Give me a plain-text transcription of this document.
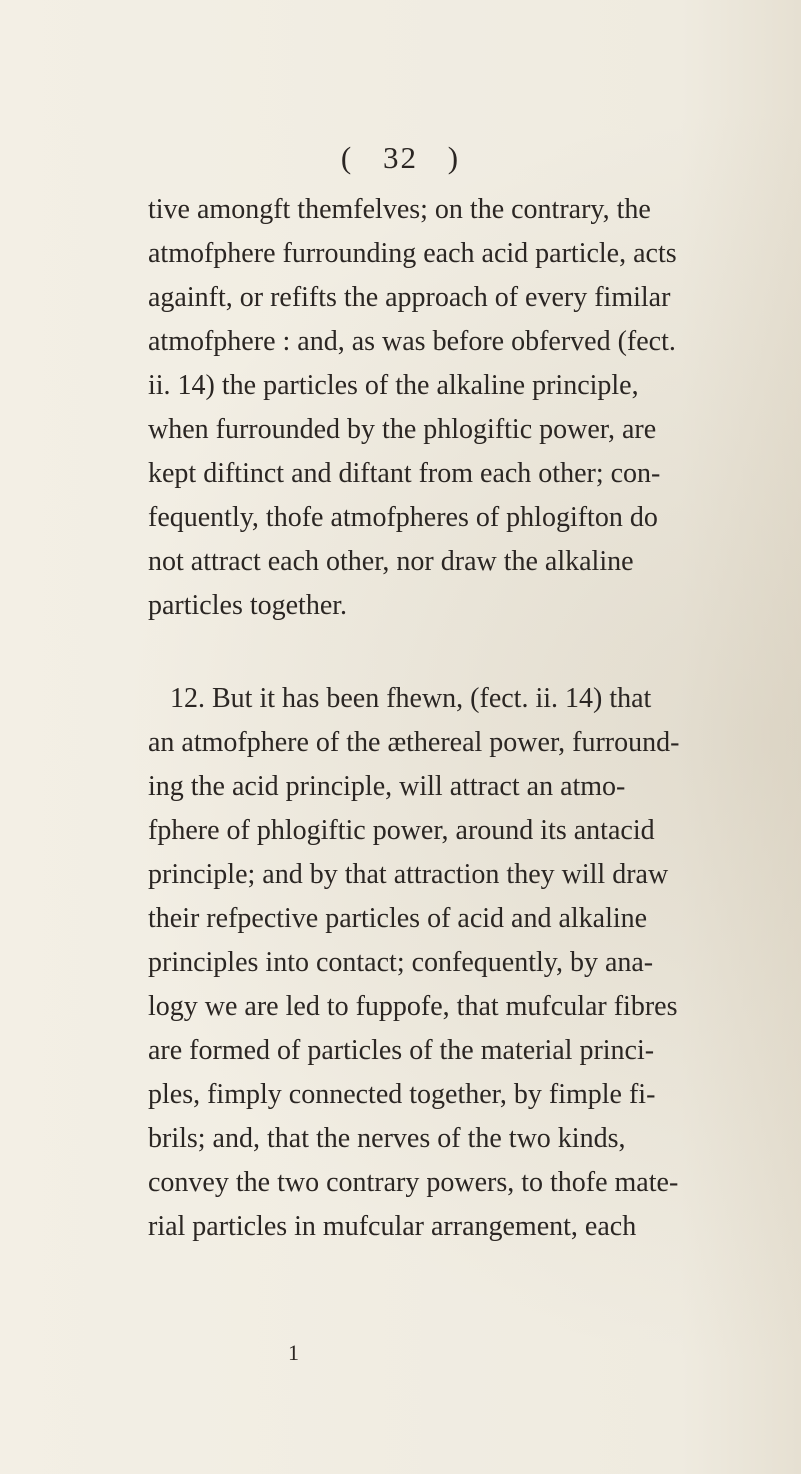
( 32 )
tive amongft themfelves; on the contrary, the
atmofphere furrounding each acid particle, acts
againft, or refifts the approach of every fimilar
atmofphere : and, as was before obferved (fect.
ii. 14) the particles of the alkaline principle,
when furrounded by the phlogiftic power, are
kept diftinct and diftant from each other; con-
fequently, thofe atmofpheres of phlogifton do
not attract each other, nor draw the alkaline
particles together.
12. But it has been fhewn, (fect. ii. 14) that
an atmofphere of the æthereal power, furround-
ing the acid principle, will attract an atmo-
fphere of phlogiftic power, around its antacid
principle; and by that attraction they will draw
their refpective particles of acid and alkaline
principles into contact; confequently, by ana-
logy we are led to fuppofe, that mufcular fibres
are formed of particles of the material princi-
ples, fimply connected together, by fimple fi-
brils; and, that the nerves of the two kinds,
convey the two contrary powers, to thofe mate-
rial particles in mufcular arrangement, each
1
